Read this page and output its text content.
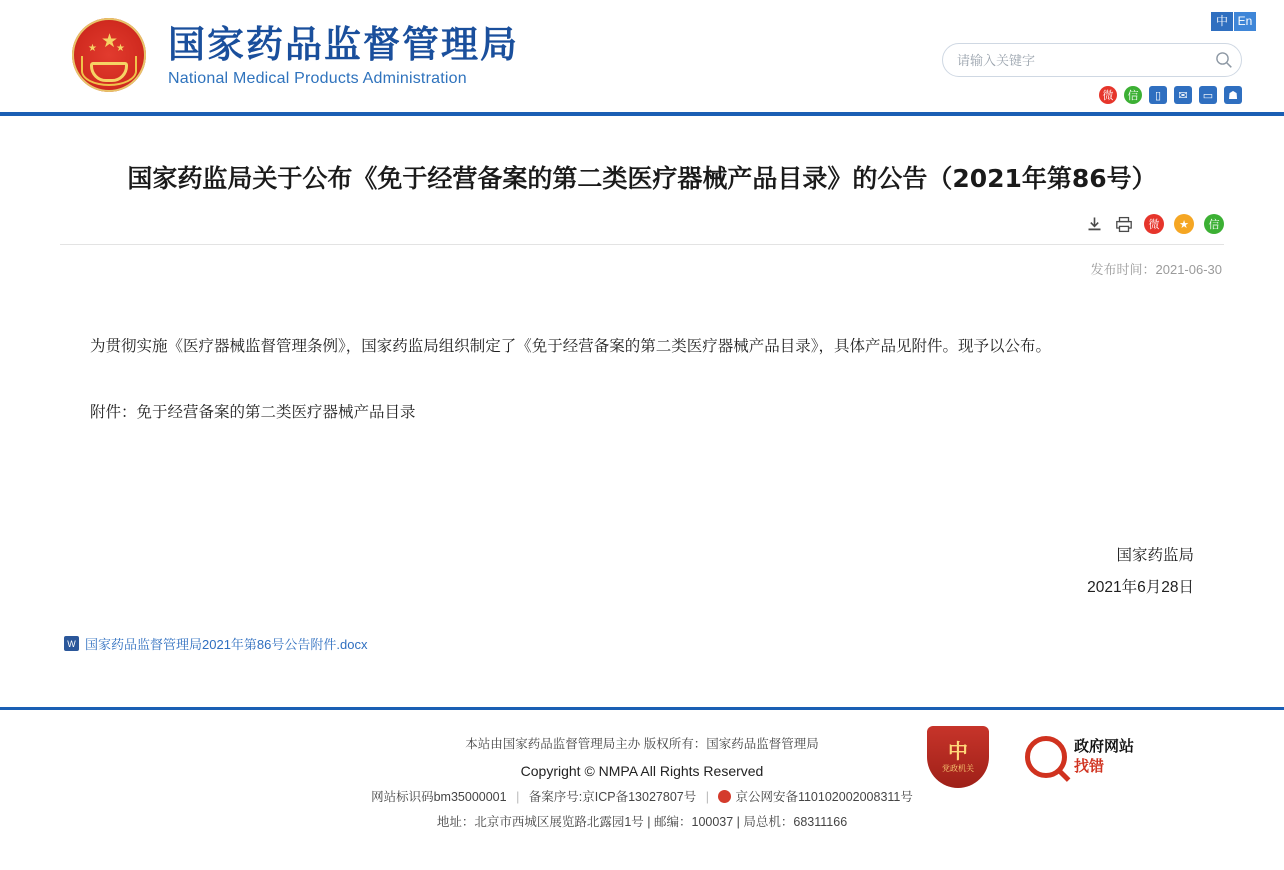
中 En
★
★ ★ 国家药品监督管理局
National Medical Products Administration
请输入关键字
微	信	▯	✉	▭	☗
国家药监局关于公布《免于经营备案的第二类医疗器械产品目录》的公告（2021年第86号）
微	★	信
发布时间：2021-06-30

为贯彻实施《医疗器械监督管理条例》，国家药监局组织制定了《免于经营备案的第二类医疗器械产品目录》，具体产品见附件。现予以公布。

附件：免于经营备案的第二类医疗器械产品目录

国家药监局
2021年6月28日
W 国家药品监督管理局2021年第86号公告附件.docx
本站由国家药品监督管理局主办 版权所有：国家药品监督管理局
Copyright © NMPA All Rights Reserved
网站标识码bm35000001 | 备案序号:京ICP备13027807号 | 京公网安备110102002008311号
地址：北京市西城区展览路北露园1号 | 邮编：100037 | 局总机：68311166
中
党政机关
政府网站
找错
